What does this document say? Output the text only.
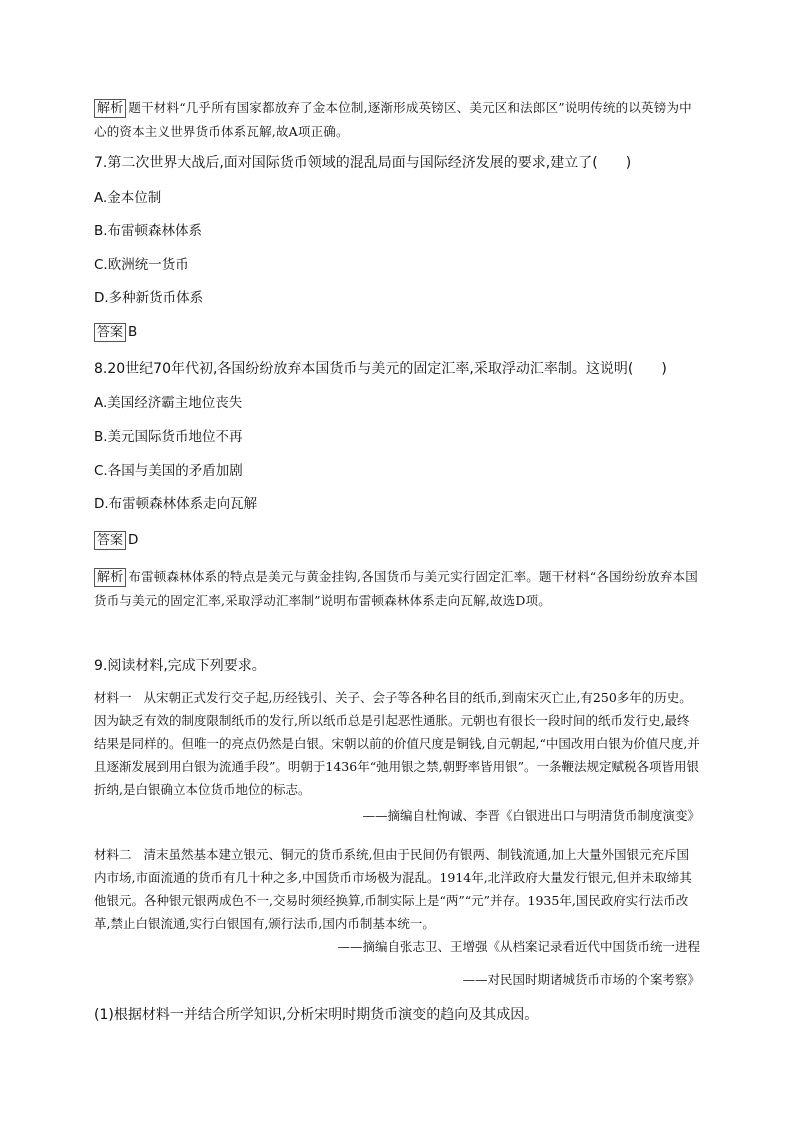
解析 题干材料“几乎所有国家都放弃了金本位制,逐渐形成英镑区、美元区和法郎区”说明传统的以英镑为中心的资本主义世界货币体系瓦解,故A项正确。
7.第二次世界大战后,面对国际货币领域的混乱局面与国际经济发展的要求,建立了(　　)
A.金本位制
B.布雷顿森林体系
C.欧洲统一货币
D.多种新货币体系
答案 B
8.20世纪70年代初,各国纷纷放弃本国货币与美元的固定汇率,采取浮动汇率制。这说明(　　)
A.美国经济霸主地位丧失
B.美元国际货币地位不再
C.各国与美国的矛盾加剧
D.布雷顿森林体系走向瓦解
答案 D
解析 布雷顿森林体系的特点是美元与黄金挂钩,各国货币与美元实行固定汇率。题干材料“各国纷纷放弃本国货币与美元的固定汇率,采取浮动汇率制”说明布雷顿森林体系走向瓦解,故选D项。
9.阅读材料,完成下列要求。
材料一 从宋朝正式发行交子起,历经钱引、关子、会子等各种名目的纸币,到南宋灭亡止,有250多年的历史。因为缺乏有效的制度限制纸币的发行,所以纸币总是引起恶性通胀。元朝也有很长一段时间的纸币发行史,最终结果是同样的。但唯一的亮点仍然是白银。宋朝以前的价值尺度是铜钱,自元朝起,“中国改用白银为价值尺度,并且逐渐发展到用白银为流通手段”。明朝于1436年“弛用银之禁,朝野率皆用银”。一条鞭法规定赋税各项皆用银折纳,是白银确立本位货币地位的标志。
——摘编自杜恂诚、李晋《白银进出口与明清货币制度演变》
材料二 清末虽然基本建立银元、铜元的货币系统,但由于民间仍有银两、制钱流通,加上大量外国银元充斥国内市场,市面流通的货币有几十种之多,中国货币市场极为混乱。1914年,北洋政府大量发行银元,但并未取缔其他银元。各种银元银两成色不一,交易时须经换算,币制实际上是“两”“元”并存。1935年,国民政府实行法币改革,禁止白银流通,实行白银国有,颁行法币,国内币制基本统一。
——摘编自张志卫、王增强《从档案记录看近代中国货币统一进程
——对民国时期诸城货币市场的个案考察》
(1)根据材料一并结合所学知识,分析宋明时期货币演变的趋向及其成因。
